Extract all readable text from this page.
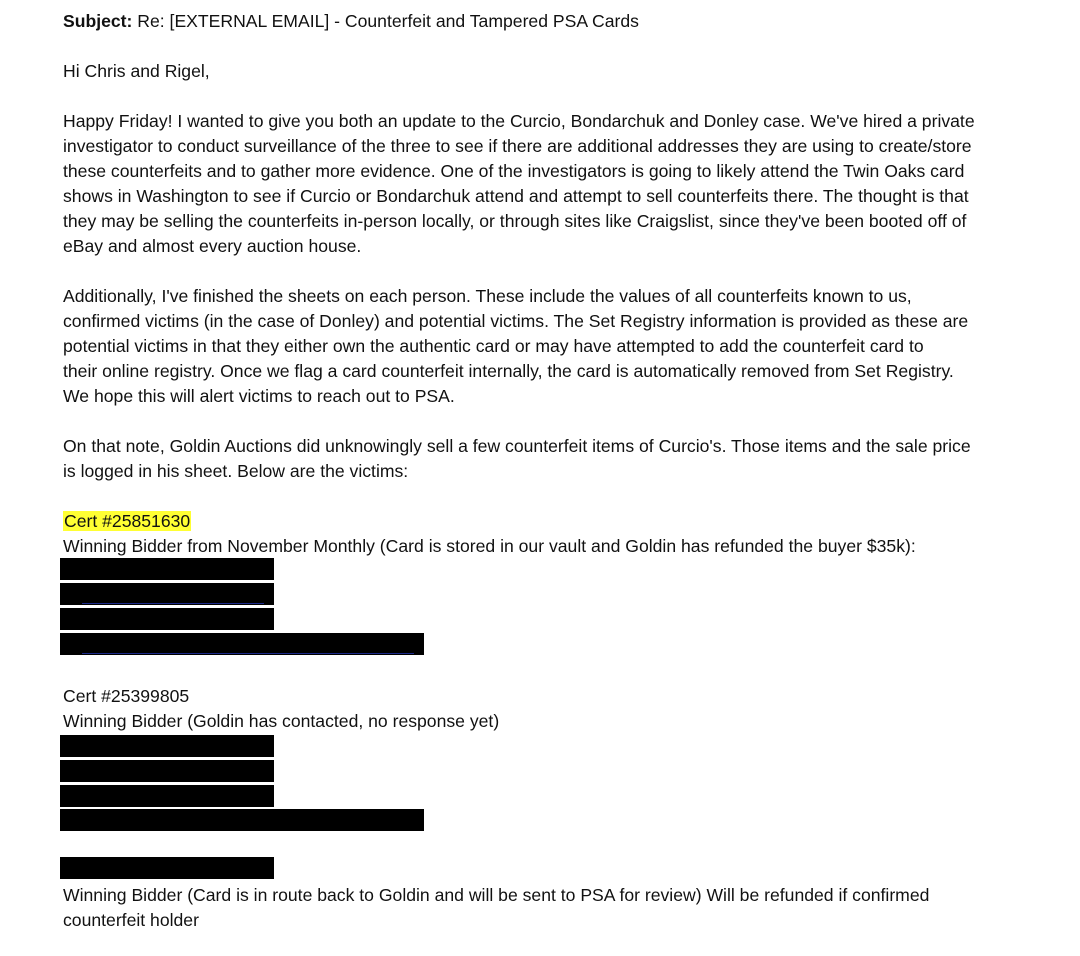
Subject: Re: [EXTERNAL EMAIL] - Counterfeit and Tampered PSA Cards
Hi Chris and Rigel,
Happy Friday! I wanted to give you both an update to the Curcio, Bondarchuk and Donley case. We've hired a private
investigator to conduct surveillance of the three to see if there are additional addresses they are using to create/store
these counterfeits and to gather more evidence. One of the investigators is going to likely attend the Twin Oaks card
shows in Washington to see if Curcio or Bondarchuk attend and attempt to sell counterfeits there. The thought is that
they may be selling the counterfeits in-person locally, or through sites like Craigslist, since they've been booted off of
eBay and almost every auction house.
Additionally, I've finished the sheets on each person. These include the values of all counterfeits known to us,
confirmed victims (in the case of Donley) and potential victims. The Set Registry information is provided as these are
potential victims in that they either own the authentic card or may have attempted to add the counterfeit card to
their online registry. Once we flag a card counterfeit internally, the card is automatically removed from Set Registry.
We hope this will alert victims to reach out to PSA.
On that note, Goldin Auctions did unknowingly sell a few counterfeit items of Curcio's. Those items and the sale price
is logged in his sheet. Below are the victims:
Cert #25851630
Winning Bidder from November Monthly (Card is stored in our vault and Goldin has refunded the buyer $35k):
Cert #25399805
Winning Bidder (Goldin has contacted, no response yet)
Winning Bidder (Card is in route back to Goldin and will be sent to PSA for review) Will be refunded if confirmed
counterfeit holder
